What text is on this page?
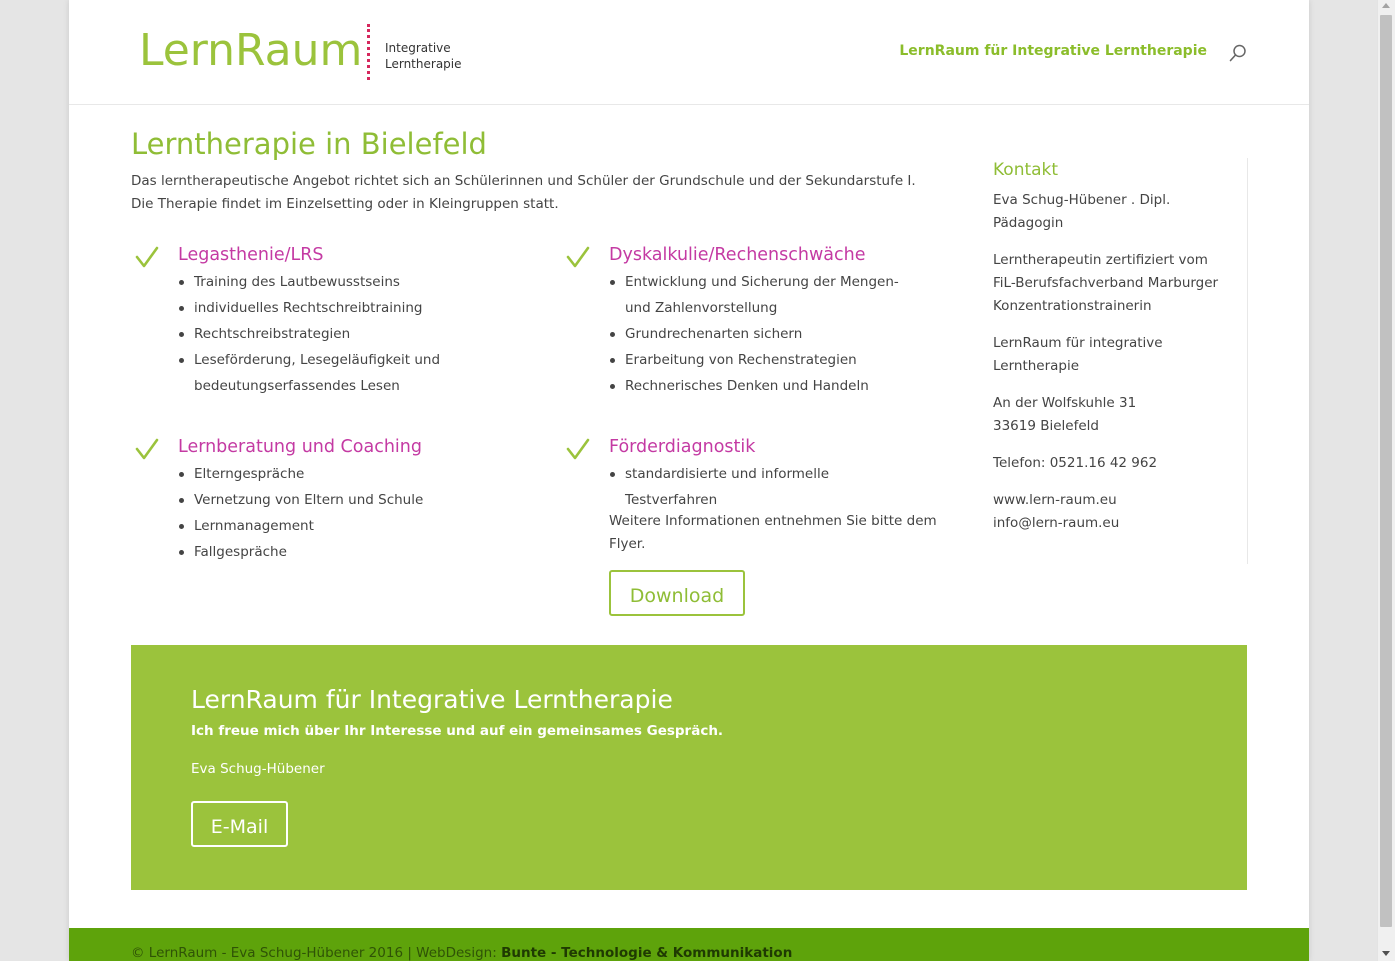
LernRaum Integrative
Lerntherapie
LernRaum für Integrative Lerntherapie
Lerntherapie in Bielefeld

Das lerntherapeutische Angebot richtet sich an Schülerinnen und Schüler der Grundschule und der Sekundarstufe I. Die Therapie findet im Einzelsetting oder in Kleingruppen statt.

Legasthenie/LRS
Training des Lautbewusstseins
individuelles Rechtschreibtraining
Rechtschreibstrategien
Leseförderung, Lesegeläufigkeit und bedeutungserfassendes Lesen
Dyskalkulie/Rechenschwäche
Entwicklung und Sicherung der Mengen- und Zahlenvorstellung
Grundrechenarten sichern
Erarbeitung von Rechenstrategien
Rechnerisches Denken und Handeln
Lernberatung und Coaching
Elterngespräche
Vernetzung von Eltern und Schule
Lernmanagement
Fallgespräche
Förderdiagnostik
standardisierte und informelle Testverfahren

Weitere Informationen entnehmen Sie bitte dem Flyer.

Download
Kontakt

Eva Schug-Hübener . Dipl. Pädagogin

Lerntherapeutin zertifiziert vom FiL-Berufsfachverband Marburger Konzentrationstrainerin

LernRaum für integrative Lerntherapie

An der Wolfskuhle 31
33619 Bielefeld

Telefon: 0521.16 42 962

www.lern-raum.eu
info@lern-raum.eu

LernRaum für Integrative Lerntherapie

Ich freue mich über Ihr Interesse und auf ein gemeinsames Gespräch.

Eva Schug-Hübener

E-Mail
© LernRaum - Eva Schug-Hübener 2016 | WebDesign: Bunte - Technologie & Kommunikation
